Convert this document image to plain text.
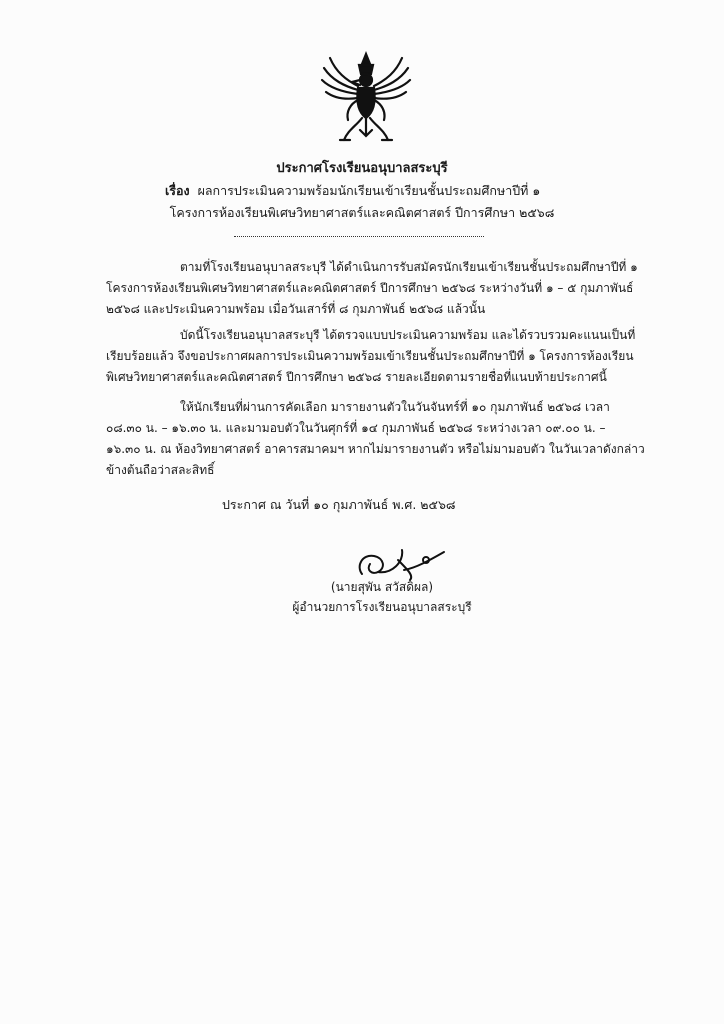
ประกาศโรงเรียนอนุบาลสระบุรี
เรื่อง ผลการประเมินความพร้อมนักเรียนเข้าเรียนชั้นประถมศึกษาปีที่ ๑
โครงการห้องเรียนพิเศษวิทยาศาสตร์และคณิตศาสตร์ ปีการศึกษา ๒๕๖๘
ตามที่โรงเรียนอนุบาลสระบุรี ได้ดำเนินการรับสมัครนักเรียนเข้าเรียนชั้นประถมศึกษาปีที่ ๑
โครงการห้องเรียนพิเศษวิทยาศาสตร์และคณิตศาสตร์ ปีการศึกษา ๒๕๖๘ ระหว่างวันที่ ๑ – ๕ กุมภาพันธ์
๒๕๖๘ และประเมินความพร้อม เมื่อวันเสาร์ที่ ๘ กุมภาพันธ์ ๒๕๖๘ แล้วนั้น
บัดนี้โรงเรียนอนุบาลสระบุรี ได้ตรวจแบบประเมินความพร้อม และได้รวบรวมคะแนนเป็นที่
เรียบร้อยแล้ว จึงขอประกาศผลการประเมินความพร้อมเข้าเรียนชั้นประถมศึกษาปีที่ ๑ โครงการห้องเรียน
พิเศษวิทยาศาสตร์และคณิตศาสตร์ ปีการศึกษา ๒๕๖๘ รายละเอียดตามรายชื่อที่แนบท้ายประกาศนี้
ให้นักเรียนที่ผ่านการคัดเลือก มารายงานตัวในวันจันทร์ที่ ๑๐ กุมภาพันธ์ ๒๕๖๘ เวลา
๐๘.๓๐ น. – ๑๖.๓๐ น. และมามอบตัวในวันศุกร์ที่ ๑๔ กุมภาพันธ์ ๒๕๖๘ ระหว่างเวลา ๐๙.๐๐ น. –
๑๖.๓๐ น. ณ ห้องวิทยาศาสตร์ อาคารสมาคมฯ หากไม่มารายงานตัว หรือไม่มามอบตัว ในวันเวลาดังกล่าว
ข้างต้นถือว่าสละสิทธิ์
ประกาศ ณ วันที่ ๑๐ กุมภาพันธ์ พ.ศ. ๒๕๖๘
(นายสุพัน สวัสดิผล)
ผู้อำนวยการโรงเรียนอนุบาลสระบุรี
